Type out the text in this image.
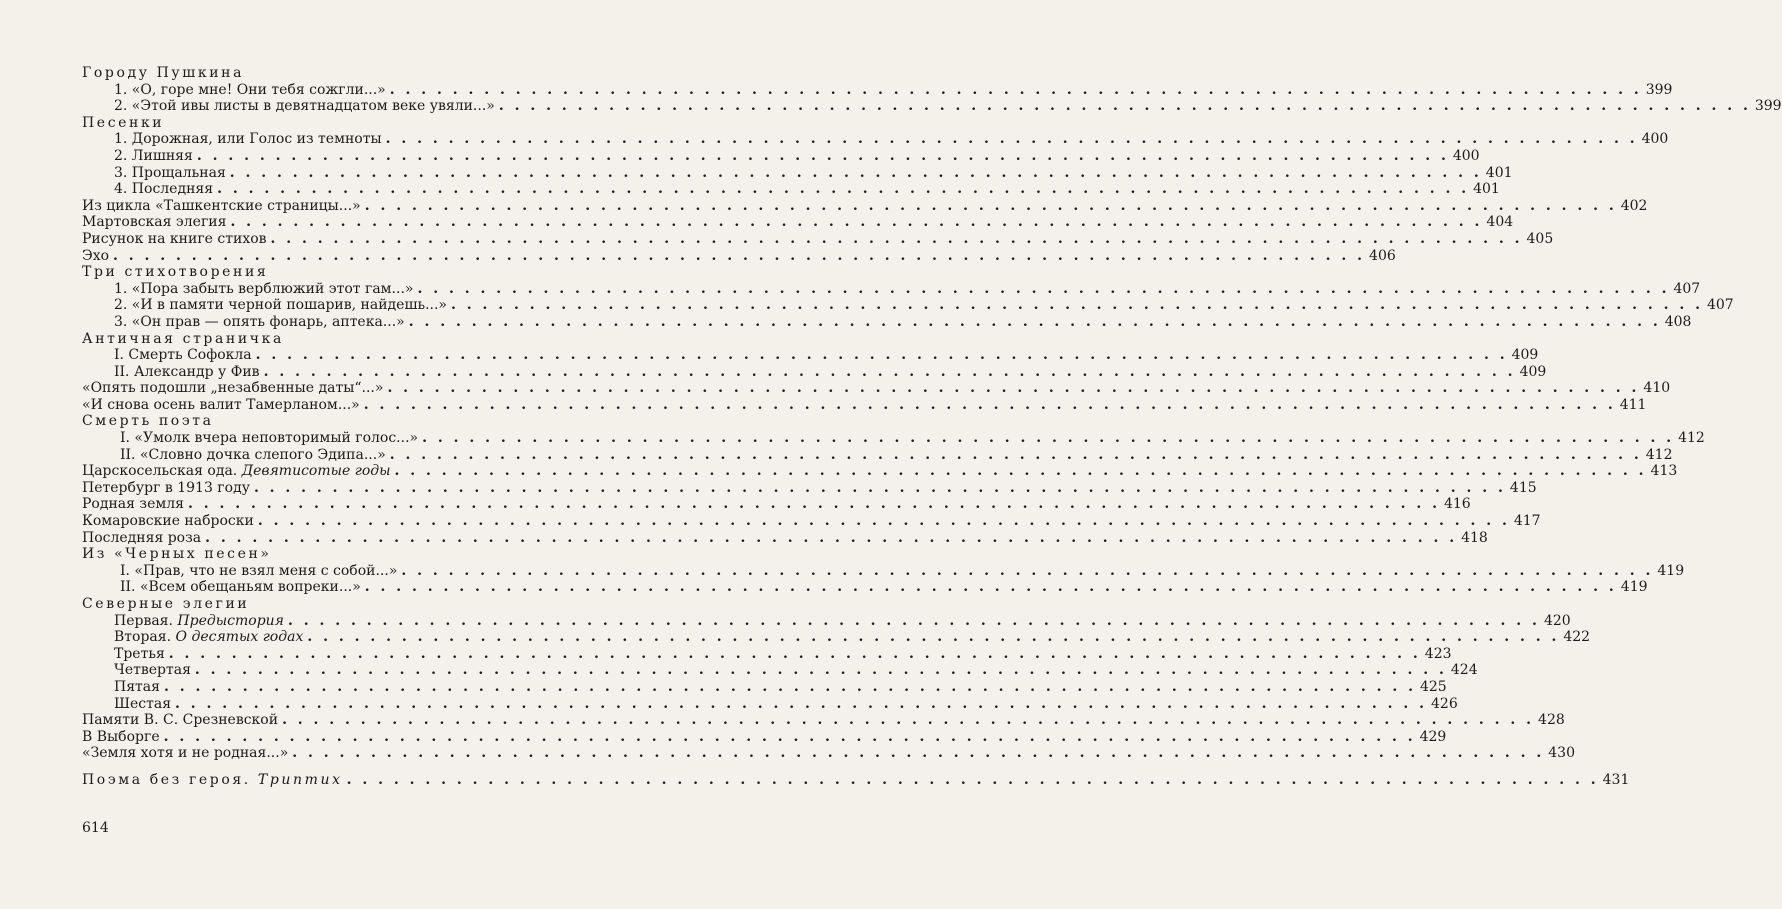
Городу Пушкина
1. «О, горе мне! Они тебя сожгли...» . . . . . . . . . . . . . . . . . . . . . . . . . . . . . . . . . . . . . . . . . . . . . . . . . . . . . . . . . . . . . . . . . . . . . . . . . . . . . . . . 399
2. «Этой ивы листы в девятнадцатом веке увяли...» . . . . . . . . . . . . . . . . . . . . . . . . . . . . . . . . . . . . . . . . . . . . . . . . . . . . . . . . . . . . . . . . . . . . . . . . . . . . . . . . 399
Песенки
1. Дорожная, или Голос из темноты . . . . . . . . . . . . . . . . . . . . . . . . . . . . . . . . . . . . . . . . . . . . . . . . . . . . . . . . . . . . . . . . . . . . . . . . . . . . . . . . 400
2. Лишняя . . . . . . . . . . . . . . . . . . . . . . . . . . . . . . . . . . . . . . . . . . . . . . . . . . . . . . . . . . . . . . . . . . . . . . . . . . . . . . . . 400
3. Прощальная . . . . . . . . . . . . . . . . . . . . . . . . . . . . . . . . . . . . . . . . . . . . . . . . . . . . . . . . . . . . . . . . . . . . . . . . . . . . . . . . 401
4. Последняя . . . . . . . . . . . . . . . . . . . . . . . . . . . . . . . . . . . . . . . . . . . . . . . . . . . . . . . . . . . . . . . . . . . . . . . . . . . . . . . . 401
Из цикла «Ташкентские страницы...» . . . . . . . . . . . . . . . . . . . . . . . . . . . . . . . . . . . . . . . . . . . . . . . . . . . . . . . . . . . . . . . . . . . . . . . . . . . . . . . . 402
Мартовская элегия . . . . . . . . . . . . . . . . . . . . . . . . . . . . . . . . . . . . . . . . . . . . . . . . . . . . . . . . . . . . . . . . . . . . . . . . . . . . . . . . 404
Рисунок на книге стихов . . . . . . . . . . . . . . . . . . . . . . . . . . . . . . . . . . . . . . . . . . . . . . . . . . . . . . . . . . . . . . . . . . . . . . . . . . . . . . . . 405
Эхо . . . . . . . . . . . . . . . . . . . . . . . . . . . . . . . . . . . . . . . . . . . . . . . . . . . . . . . . . . . . . . . . . . . . . . . . . . . . . . . . 406
Три стихотворения
1. «Пора забыть верблюжий этот гам...» . . . . . . . . . . . . . . . . . . . . . . . . . . . . . . . . . . . . . . . . . . . . . . . . . . . . . . . . . . . . . . . . . . . . . . . . . . . . . . . . 407
2. «И в памяти черной пошарив, найдешь...» . . . . . . . . . . . . . . . . . . . . . . . . . . . . . . . . . . . . . . . . . . . . . . . . . . . . . . . . . . . . . . . . . . . . . . . . . . . . . . . . 407
3. «Он прав — опять фонарь, аптека...» . . . . . . . . . . . . . . . . . . . . . . . . . . . . . . . . . . . . . . . . . . . . . . . . . . . . . . . . . . . . . . . . . . . . . . . . . . . . . . . . 408
Античная страничка
I. Смерть Софокла . . . . . . . . . . . . . . . . . . . . . . . . . . . . . . . . . . . . . . . . . . . . . . . . . . . . . . . . . . . . . . . . . . . . . . . . . . . . . . . . 409
II. Александр у Фив . . . . . . . . . . . . . . . . . . . . . . . . . . . . . . . . . . . . . . . . . . . . . . . . . . . . . . . . . . . . . . . . . . . . . . . . . . . . . . . . 409
«Опять подошли „незабвенные даты“...» . . . . . . . . . . . . . . . . . . . . . . . . . . . . . . . . . . . . . . . . . . . . . . . . . . . . . . . . . . . . . . . . . . . . . . . . . . . . . . . . 410
«И снова осень валит Тамерланом...» . . . . . . . . . . . . . . . . . . . . . . . . . . . . . . . . . . . . . . . . . . . . . . . . . . . . . . . . . . . . . . . . . . . . . . . . . . . . . . . . 411
Смерть поэта
I. «Умолк вчера неповторимый голос...» . . . . . . . . . . . . . . . . . . . . . . . . . . . . . . . . . . . . . . . . . . . . . . . . . . . . . . . . . . . . . . . . . . . . . . . . . . . . . . . . 412
II. «Словно дочка слепого Эдипа...» . . . . . . . . . . . . . . . . . . . . . . . . . . . . . . . . . . . . . . . . . . . . . . . . . . . . . . . . . . . . . . . . . . . . . . . . . . . . . . . . 412
Царскосельская ода. Девятисотые годы . . . . . . . . . . . . . . . . . . . . . . . . . . . . . . . . . . . . . . . . . . . . . . . . . . . . . . . . . . . . . . . . . . . . . . . . . . . . . . . . 413
Петербург в 1913 году . . . . . . . . . . . . . . . . . . . . . . . . . . . . . . . . . . . . . . . . . . . . . . . . . . . . . . . . . . . . . . . . . . . . . . . . . . . . . . . . 415
Родная земля . . . . . . . . . . . . . . . . . . . . . . . . . . . . . . . . . . . . . . . . . . . . . . . . . . . . . . . . . . . . . . . . . . . . . . . . . . . . . . . . 416
Комаровские наброски . . . . . . . . . . . . . . . . . . . . . . . . . . . . . . . . . . . . . . . . . . . . . . . . . . . . . . . . . . . . . . . . . . . . . . . . . . . . . . . . 417
Последняя роза . . . . . . . . . . . . . . . . . . . . . . . . . . . . . . . . . . . . . . . . . . . . . . . . . . . . . . . . . . . . . . . . . . . . . . . . . . . . . . . . 418
Из «Черных песен»
I. «Прав, что не взял меня с собой...» . . . . . . . . . . . . . . . . . . . . . . . . . . . . . . . . . . . . . . . . . . . . . . . . . . . . . . . . . . . . . . . . . . . . . . . . . . . . . . . . 419
II. «Всем обещаньям вопреки...» . . . . . . . . . . . . . . . . . . . . . . . . . . . . . . . . . . . . . . . . . . . . . . . . . . . . . . . . . . . . . . . . . . . . . . . . . . . . . . . . 419
Северные элегии
Первая. Предыстория . . . . . . . . . . . . . . . . . . . . . . . . . . . . . . . . . . . . . . . . . . . . . . . . . . . . . . . . . . . . . . . . . . . . . . . . . . . . . . . . 420
Вторая. О десятых годах . . . . . . . . . . . . . . . . . . . . . . . . . . . . . . . . . . . . . . . . . . . . . . . . . . . . . . . . . . . . . . . . . . . . . . . . . . . . . . . . 422
Третья . . . . . . . . . . . . . . . . . . . . . . . . . . . . . . . . . . . . . . . . . . . . . . . . . . . . . . . . . . . . . . . . . . . . . . . . . . . . . . . . 423
Четвертая . . . . . . . . . . . . . . . . . . . . . . . . . . . . . . . . . . . . . . . . . . . . . . . . . . . . . . . . . . . . . . . . . . . . . . . . . . . . . . . . 424
Пятая . . . . . . . . . . . . . . . . . . . . . . . . . . . . . . . . . . . . . . . . . . . . . . . . . . . . . . . . . . . . . . . . . . . . . . . . . . . . . . . . 425
Шестая . . . . . . . . . . . . . . . . . . . . . . . . . . . . . . . . . . . . . . . . . . . . . . . . . . . . . . . . . . . . . . . . . . . . . . . . . . . . . . . . 426
Памяти В. С. Срезневской . . . . . . . . . . . . . . . . . . . . . . . . . . . . . . . . . . . . . . . . . . . . . . . . . . . . . . . . . . . . . . . . . . . . . . . . . . . . . . . . 428
В Выборге . . . . . . . . . . . . . . . . . . . . . . . . . . . . . . . . . . . . . . . . . . . . . . . . . . . . . . . . . . . . . . . . . . . . . . . . . . . . . . . . 429
«Земля хотя и не родная...» . . . . . . . . . . . . . . . . . . . . . . . . . . . . . . . . . . . . . . . . . . . . . . . . . . . . . . . . . . . . . . . . . . . . . . . . . . . . . . . . 430
Поэма без героя. Триптих . . . . . . . . . . . . . . . . . . . . . . . . . . . . . . . . . . . . . . . . . . . . . . . . . . . . . . . . . . . . . . . . . . . . . . . . . . . . . . . . 431
614
